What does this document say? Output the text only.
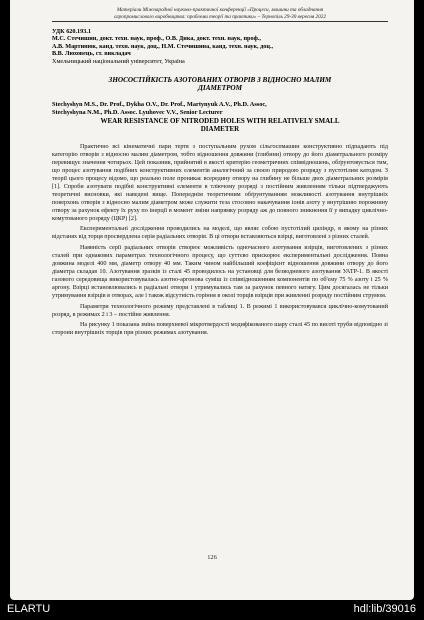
Матеріали Міжнародної науково-практичної конференції «Процеси, машини та обладнання
агропромислового виробництва: проблеми теорії та практики» – Тернопіль 29-30 вересня 2022
УДК 620.193.1
М.С. Стечишин, докт. техн. наук, проф., О.В. Дика, докт. техн. наук, проф.,
А.В. Мартинюк, канд. техн. наук, доц., Н.М. Стечишина, канд. техн. наук, доц.,
В.В. Люховець, ст. викладач
Хмельницький національний університет, Україна
ЗНОСОСТІЙКІСТЬ АЗОТОВАНИХ ОТВОРІВ З ВІДНОСНО МАЛИМ
ДІАМЕТРОМ
Stechyshyn M.S., Dr. Prof., Dykha O.V., Dr. Prof., Martynyuk A.V., Ph.D. Assoc,
Stechyshyna N.M., Ph.D. Assoc. Lyuhovec V.V., Senior Lecturer
WEAR RESISTANCE OF NITRODED HOLES WITH RELATIVELY SMALL
DIAMETER

Практично всі кінематичні пари тертя з поступальним рухом сільгоспмашин конструктивно підпадають під категорію отворів з відносно малим діаметром, тобто відношення довжини (глибини) отвору до його діаметрального розміру перевищує значення чотирьох. Цей показник, прийнятий в якості критерію геометричних співвідношень, обґрунтовується тим, що процес азотування подібних конструктивних елементів аналогічний за своєю природою розряду з пустотілим катодом. З теорії цього процесу відомо, що реально поле проникає всередину отвору на глибину не більше двох діаметральних розмірів [1]. Спроби азотувати подібні конструктивні елементи в тліючому розряді з постійним живленням тільки підтверджують теоретичні висновки, які наведені вище. Попереднім теоретичним обґрунтуванням можливості азотування внутрішніх поверхонь отворів з відносно малим діаметром може служити теза стосовно накачування іонів азоту у внутрішню порожнину отвору за рахунок ефекту їх руху по інерції в момент зміни напрямку розряду аж до повного зникнення її у випадку циклічно-комутованого розряду (ЦКР) [2].

Експериментальні дослідження проводились на моделі, що являє собою пустотілий циліндр, в якому на різних відстанях від торця просвердлена серія радіальних отворів. В ці отвори вставляються взірці, виготовлені з різних сталей.

Наявність серії радіальних отворів створює можливість одночасного азотування взірців, виготовлених з різних сталей при однакових параметрах технологічного процесу, що суттєво прискорює експериментальні дослідження. Повна довжина моделі 400 мм, діаметр отвору 40 мм. Таким чином найбільший коефіцієнт відношення довжини отвору до його діаметра складав 10. Азотування зразків із сталі 45 проводилось на установці для безводневого азотування УАТР-1. В якості газового середовища використовувалась азотно-аргонова суміш із співвідношенням компонентів по об'єму 75 % азоту і 25 % аргону. Взірці встановлювались в радіальні отвори і утримувались там за рахунок певного натягу. Цим досягалась не тільки утримування взірців в отворах, але і також відсутність горіння в околі торців взірців при живленні розряду постійним струмом.

Параметри технологічного режиму представлені в таблиці 1. В режимі 1 використовувався циклічно-комутований розряд, в режимах 2 і 3 – постійне живлення.

На рисунку 1 показана зміна поверхневої мікротвердості модифікованого шару сталі 45 по висоті труби відповідно зі сторони внутрішніх торців при різних режимах азотування.

126
ELARTU	hdl:lib/39016
